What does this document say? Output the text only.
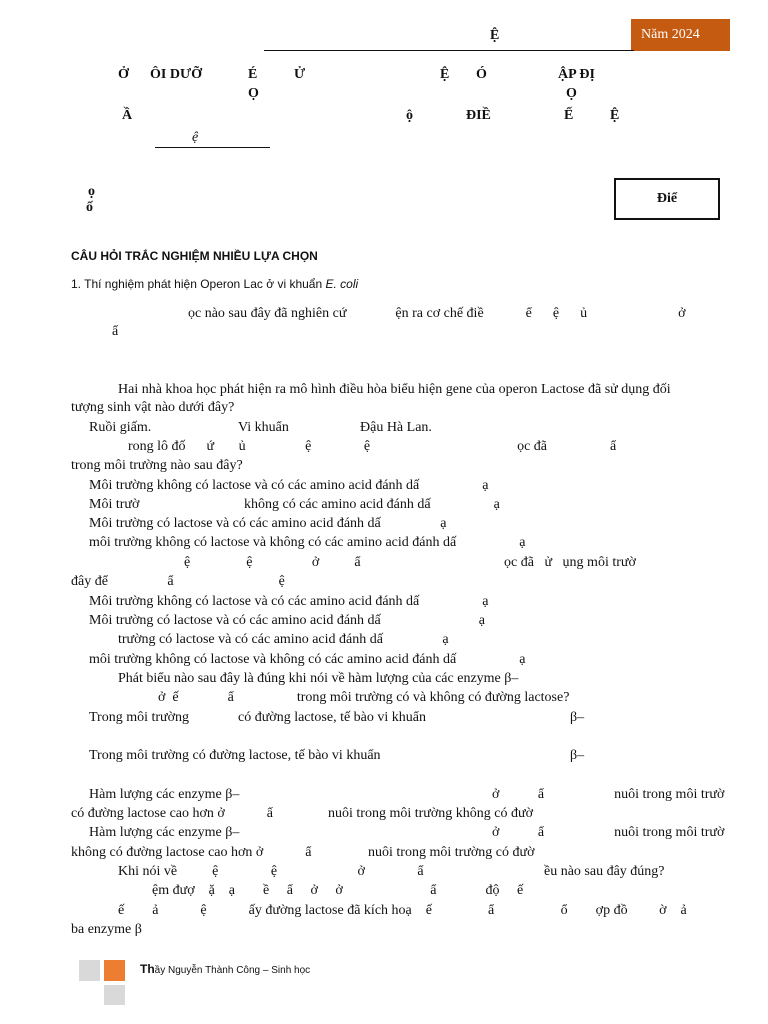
Năm 2024
Ệ
Ở ÔI DƯỠ	É	Ử	Ệ Ó	ẬP ĐỊ
Ọ	Ọ
Ầ	ộ	ĐIỀ	Ế	Ệ
ệ
ọ
ố
Điể
CÂU HỎI TRẮC NGHIỆM NHIỀU LỰA CHỌN
1. Thí nghiệm phát hiện Operon Lac ở vi khuẩn E. coli
ọc nào sau đây đã nghiên cứ              ện ra cơ chế điề            ể      ệ      ủ                          ở
ẩ
Hai nhà khoa học phát hiện ra mô hình điều hòa biểu hiện gene của operon Lactose đã sử dụng đối
tượng sinh vật nào dưới đây?
Ruồi giấm.	Vi khuẩn	Đậu Hà Lan.
rong lô đố      ứ       ủ                 ệ               ệ                                          ọc đã                  ẩ
trong môi trường nào sau đây?
Môi trường không có lactose và có các amino acid đánh dấ                  ạ
Môi trườ	không có các amino acid đánh dấ                  ạ
Môi trường có lactose và có các amino acid đánh dấ                 ạ
môi trường không có lactose và không có các amino acid đánh dấ                  ạ
ệ                ệ                 ở          ẩ                                         ọc đã   ử   ụng môi trườ
đây để                 ẩ                              ệ
Môi trường không có lactose và có các amino acid đánh dấ                  ạ
Môi trường có lactose và có các amino acid đánh dấ                            ạ
trường có lactose và có các amino acid đánh dấ                 ạ
môi trường không có lactose và không có các amino acid đánh dấ                  ạ
Phát biểu nào sau đây là đúng khi nói về hàm lượng của các enzyme β–
ở  ế              ẩ                  trong môi trường có và không có đường lactose?
Trong môi trường	có đường lactose, tế bào vi khuẩn	β–
Trong môi trường có đường lactose, tế bào vi khuẩn	β–
Hàm lượng các enzyme β–	ở           ẩ                    nuôi trong môi trườ
có đường lactose cao hơn ở            ẩ	nuôi trong môi trường không có đườ
Hàm lượng các enzyme β–	ở           ẩ                    nuôi trong môi trườ
không có đường lactose cao hơn ở            ẩ	nuôi trong môi trường có đườ
Khi nói về          ệ               ệ                       ở               ẩ	ều nào sau đây đúng?
ệm đượ    ặ    ạ        ề     ẩ     ở     ở                         ẩ              độ     ế
ế        ả            ệ            ấy đường lactose đã kích hoạ    ế                ẩ                   ổ        ợp đồ         ờ    ả
ba enzyme β
Thầy Nguyễn Thành Công – Sinh học
